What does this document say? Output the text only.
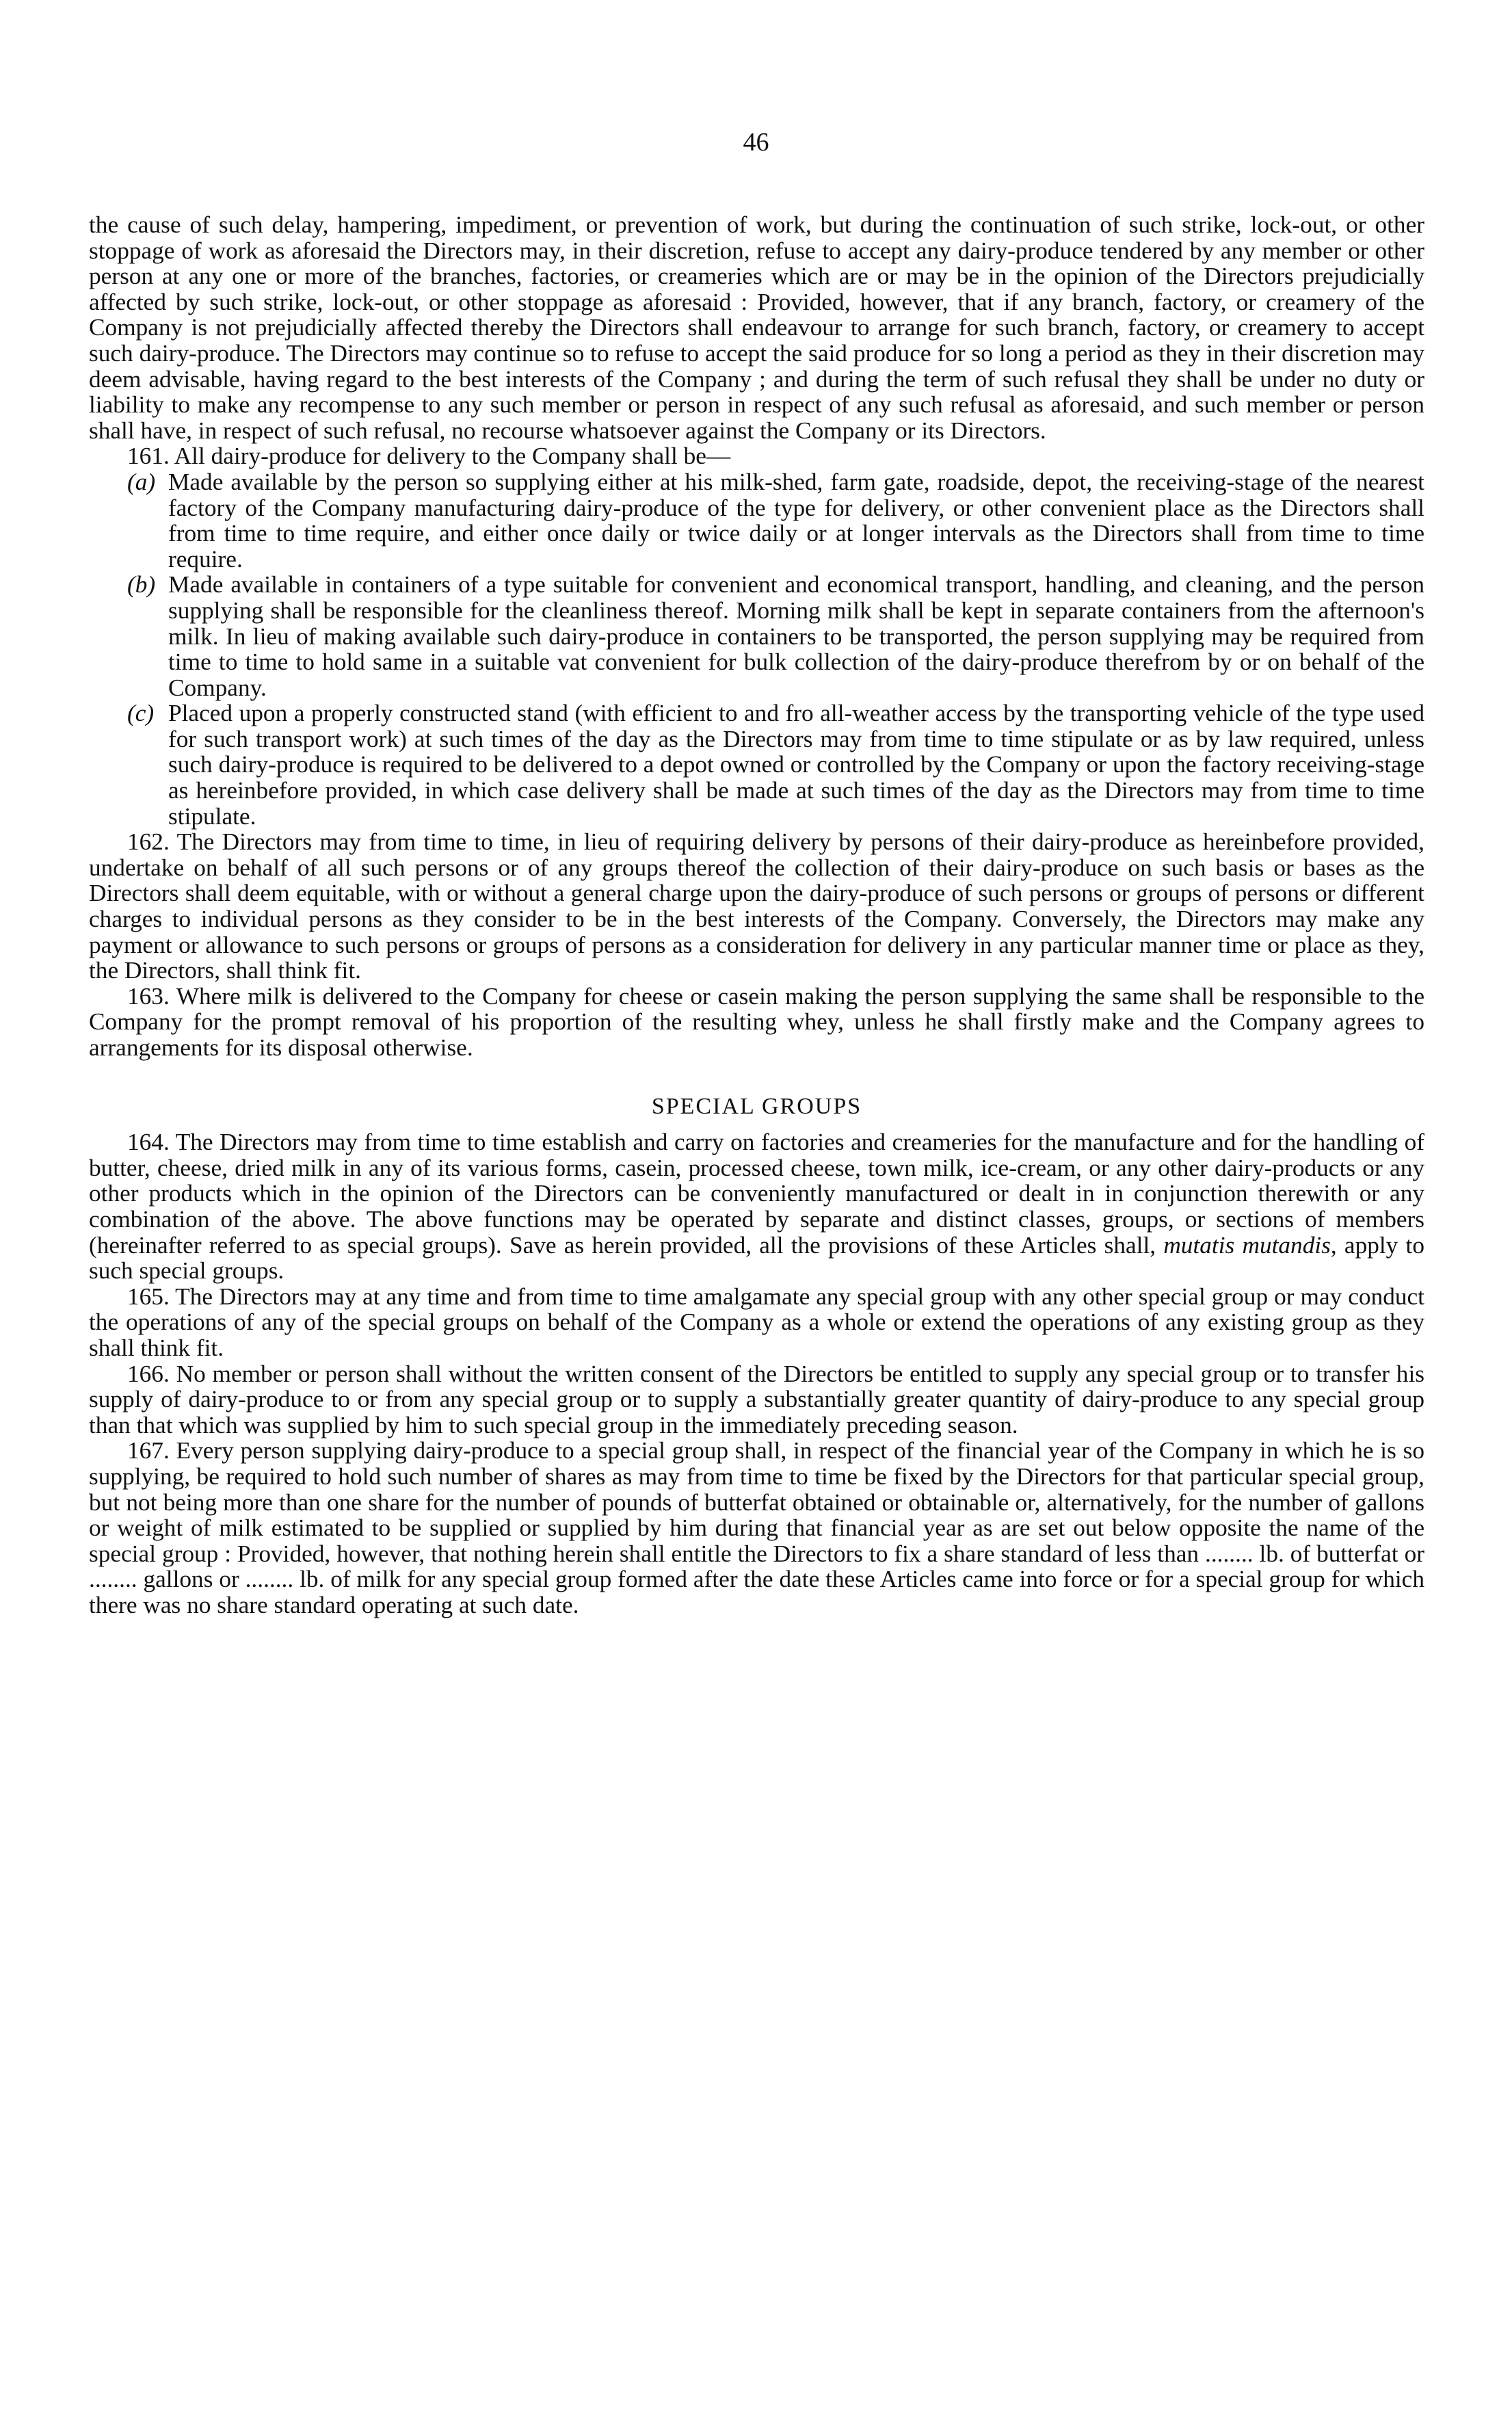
46

the cause of such delay, hampering, impediment, or prevention of work, but during the continuation of such strike, lock-out, or other stoppage of work as aforesaid the Directors may, in their discretion, refuse to accept any dairy-produce tendered by any member or other person at any one or more of the branches, factories, or creameries which are or may be in the opinion of the Directors prejudicially affected by such strike, lock-out, or other stoppage as aforesaid : Provided, however, that if any branch, factory, or creamery of the Company is not prejudicially affected thereby the Directors shall endeavour to arrange for such branch, factory, or creamery to accept such dairy-produce. The Directors may continue so to refuse to accept the said produce for so long a period as they in their discretion may deem advisable, having regard to the best interests of the Company ; and during the term of such refusal they shall be under no duty or liability to make any recompense to any such member or person in respect of any such refusal as aforesaid, and such member or person shall have, in respect of such refusal, no recourse whatsoever against the Company or its Directors.

161. All dairy-produce for delivery to the Company shall be—

(a) Made available by the person so supplying either at his milk-shed, farm gate, roadside, depot, the receiving-stage of the nearest factory of the Company manufacturing dairy-produce of the type for delivery, or other convenient place as the Directors shall from time to time require, and either once daily or twice daily or at longer intervals as the Directors shall from time to time require.
(b) Made available in containers of a type suitable for convenient and economical transport, handling, and cleaning, and the person supplying shall be responsible for the cleanliness thereof. Morning milk shall be kept in separate containers from the afternoon's milk. In lieu of making available such dairy-produce in containers to be transported, the person supplying may be required from time to time to hold same in a suitable vat convenient for bulk collection of the dairy-produce therefrom by or on behalf of the Company.
(c) Placed upon a properly constructed stand (with efficient to and fro all-weather access by the transporting vehicle of the type used for such transport work) at such times of the day as the Directors may from time to time stipulate or as by law required, unless such dairy-produce is required to be delivered to a depot owned or controlled by the Company or upon the factory receiving-stage as hereinbefore provided, in which case delivery shall be made at such times of the day as the Directors may from time to time stipulate.

162. The Directors may from time to time, in lieu of requiring delivery by persons of their dairy-produce as hereinbefore provided, undertake on behalf of all such persons or of any groups thereof the collection of their dairy-produce on such basis or bases as the Directors shall deem equitable, with or without a general charge upon the dairy-produce of such persons or groups of persons or different charges to individual persons as they consider to be in the best interests of the Company. Conversely, the Directors may make any payment or allowance to such persons or groups of persons as a consideration for delivery in any particular manner time or place as they, the Directors, shall think fit.

163. Where milk is delivered to the Company for cheese or casein making the person supplying the same shall be responsible to the Company for the prompt removal of his proportion of the resulting whey, unless he shall firstly make and the Company agrees to arrangements for its disposal otherwise.

SPECIAL GROUPS

164. The Directors may from time to time establish and carry on factories and creameries for the manufacture and for the handling of butter, cheese, dried milk in any of its various forms, casein, processed cheese, town milk, ice-cream, or any other dairy-products or any other products which in the opinion of the Directors can be conveniently manufactured or dealt in in conjunction therewith or any combination of the above. The above functions may be operated by separate and distinct classes, groups, or sections of members (hereinafter referred to as special groups). Save as herein provided, all the provisions of these Articles shall, mutatis mutandis, apply to such special groups.

165. The Directors may at any time and from time to time amalgamate any special group with any other special group or may conduct the operations of any of the special groups on behalf of the Company as a whole or extend the operations of any existing group as they shall think fit.

166. No member or person shall without the written consent of the Directors be entitled to supply any special group or to transfer his supply of dairy-produce to or from any special group or to supply a substantially greater quantity of dairy-produce to any special group than that which was supplied by him to such special group in the immediately preceding season.

167. Every person supplying dairy-produce to a special group shall, in respect of the financial year of the Company in which he is so supplying, be required to hold such number of shares as may from time to time be fixed by the Directors for that particular special group, but not being more than one share for the number of pounds of butterfat obtained or obtainable or, alternatively, for the number of gallons or weight of milk estimated to be supplied or supplied by him during that financial year as are set out below opposite the name of the special group : Provided, however, that nothing herein shall entitle the Directors to fix a share standard of less than ........ lb. of butterfat or ........ gallons or ........ lb. of milk for any special group formed after the date these Articles came into force or for a special group for which there was no share standard operating at such date.
